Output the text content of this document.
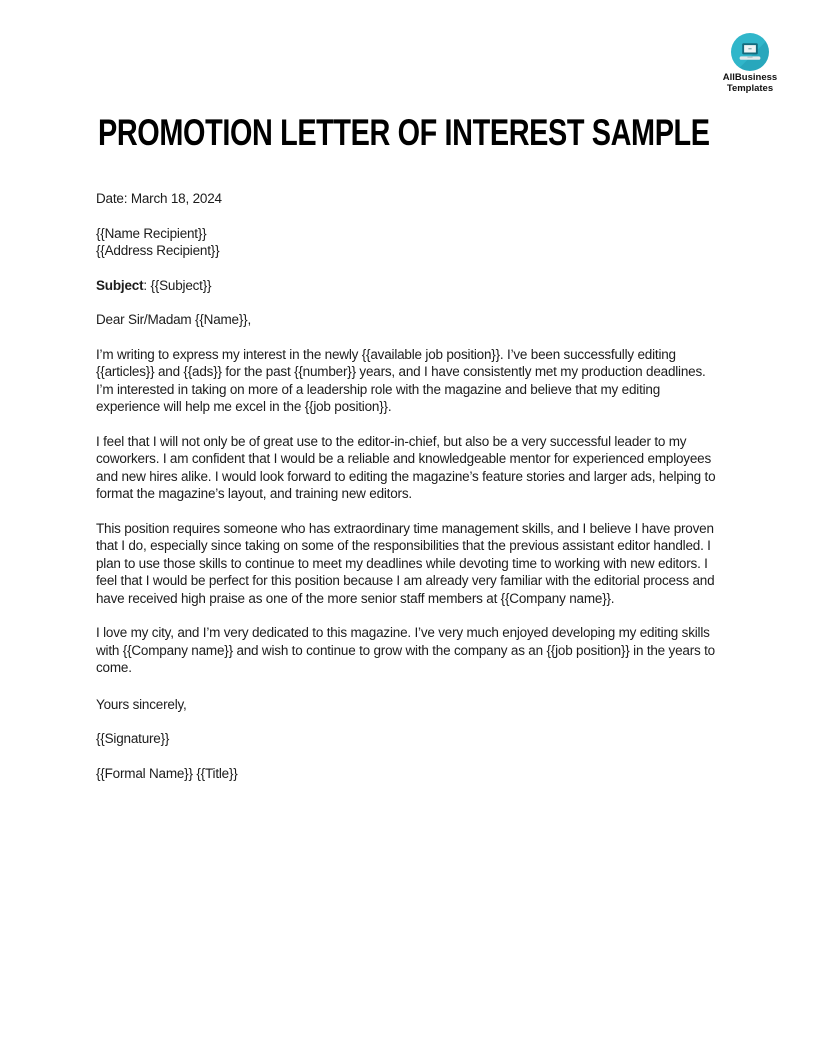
AllBusiness
Templates
PROMOTION LETTER OF INTEREST SAMPLE

Date: March 18, 2024

{{Name Recipient}}
{{Address Recipient}}

Subject: {{Subject}}

Dear Sir/Madam {{Name}},

I’m writing to express my interest in the newly {{available job position}}. I’ve been successfully editing {{articles}} and {{ads}} for the past {{number}} years, and I have consistently met my production deadlines. I’m interested in taking on more of a leadership role with the magazine and believe that my editing experience will help me excel in the {{job position}}.

I feel that I will not only be of great use to the editor-in-chief, but also be a very successful leader to my coworkers. I am confident that I would be a reliable and knowledgeable mentor for experienced employees and new hires alike. I would look forward to editing the magazine’s feature stories and larger ads, helping to format the magazine’s layout, and training new editors.

This position requires someone who has extraordinary time management skills, and I believe I have proven that I do, especially since taking on some of the responsibilities that the previous assistant editor handled. I plan to use those skills to continue to meet my deadlines while devoting time to working with new editors. I feel that I would be perfect for this position because I am already very familiar with the editorial process and have received high praise as one of the more senior staff members at {{Company name}}.

I love my city, and I’m very dedicated to this magazine. I’ve very much enjoyed developing my editing skills with {{Company name}} and wish to continue to grow with the company as an {{job position}} in the years to come.

Yours sincerely,

{{Signature}}

{{Formal Name}} {{Title}}
